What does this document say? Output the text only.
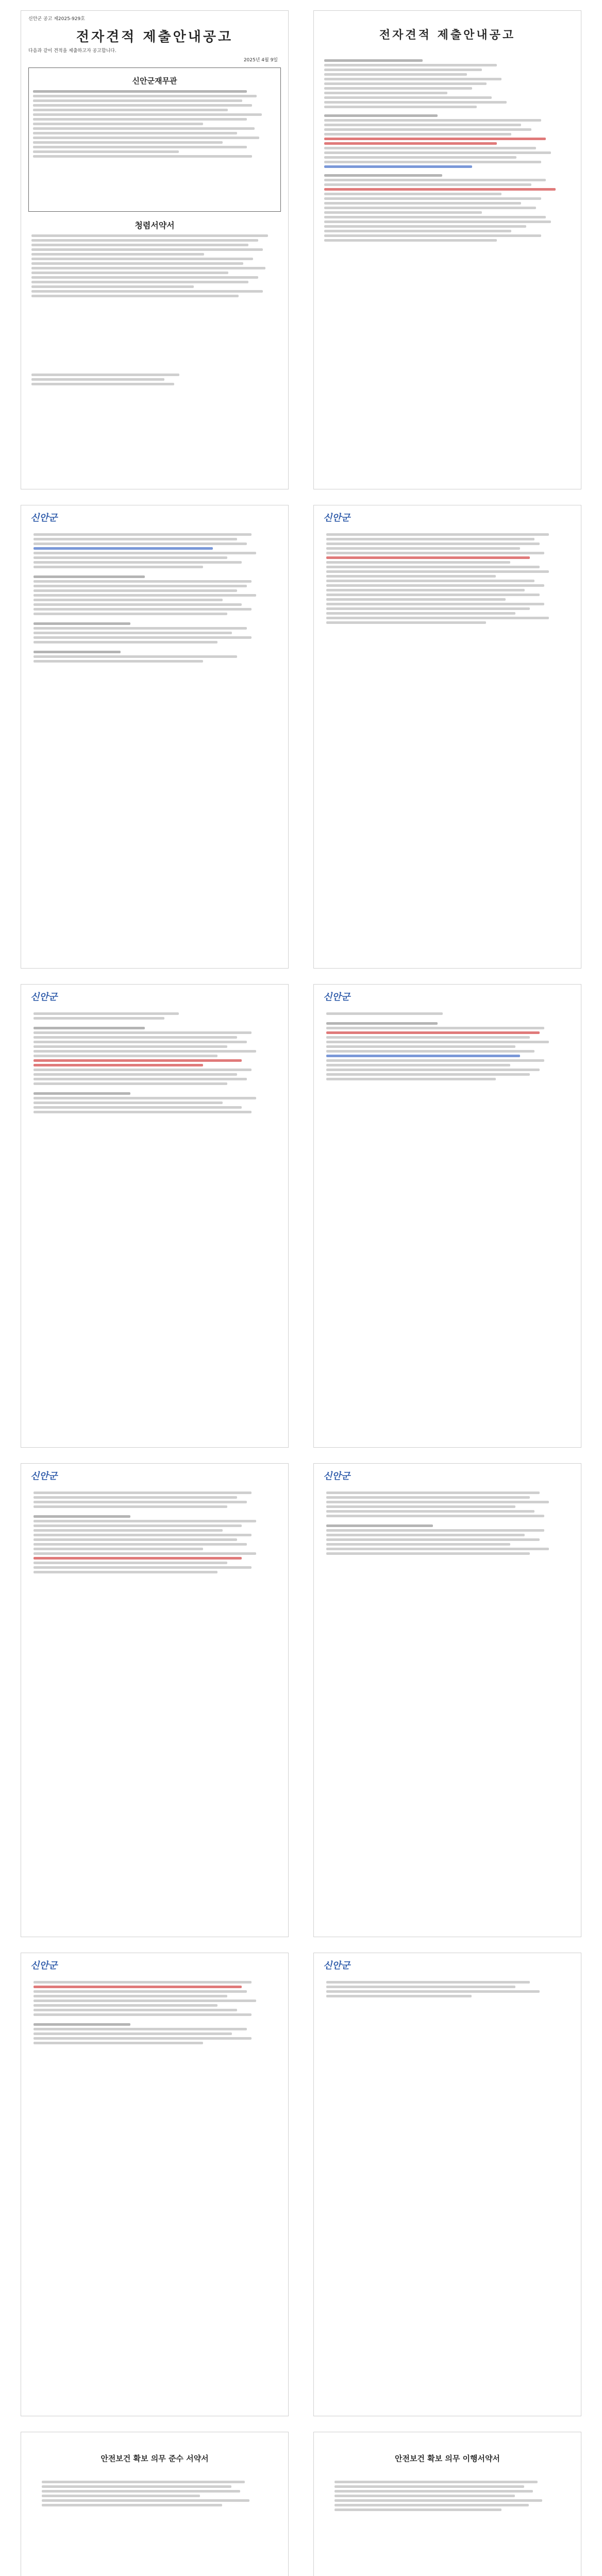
신안군 공고 제2025-929호
전자견적 제출안내공고
다음과 같이 견적을 제출하고자 공고합니다.
2025년 4월 9일
신안군재무관
청렴서약서
전자견적 제출안내공고
신안군	신안군
신안군	신안군
신안군	신안군
신안군	신안군
안전보건 확보 의무 준수 서약서	안전보건 확보 의무 이행서약서
